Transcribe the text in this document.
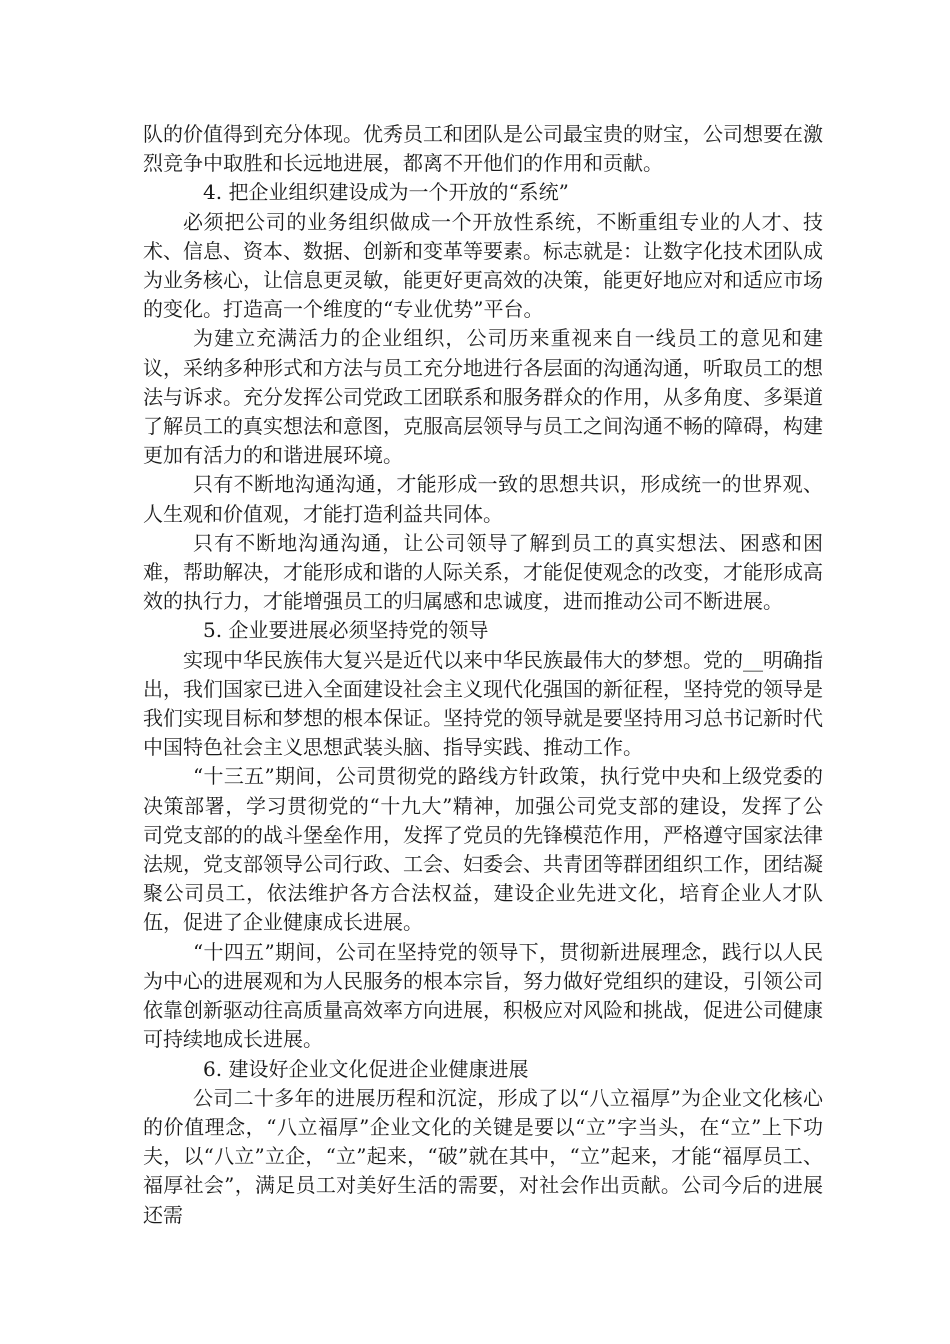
队的价值得到充分体现。优秀员工和团队是公司最宝贵的财宝，公司想要在激烈竞争中取胜和长远地进展，都离不开他们的作用和贡献。

4. 把企业组织建设成为一个开放的“系统”

必须把公司的业务组织做成一个开放性系统，不断重组专业的人才、技术、信息、资本、数据、创新和变革等要素。标志就是：让数字化技术团队成为业务核心，让信息更灵敏，能更好更高效的决策，能更好地应对和适应市场的变化。打造高一个维度的“专业优势”平台。

为建立充满活力的企业组织，公司历来重视来自一线员工的意见和建议，采纳多种形式和方法与员工充分地进行各层面的沟通沟通，听取员工的想法与诉求。充分发挥公司党政工团联系和服务群众的作用，从多角度、多渠道了解员工的真实想法和意图，克服高层领导与员工之间沟通不畅的障碍，构建更加有活力的和谐进展环境。

只有不断地沟通沟通，才能形成一致的思想共识，形成统一的世界观、人生观和价值观，才能打造利益共同体。

只有不断地沟通沟通，让公司领导了解到员工的真实想法、困惑和困难，帮助解决，才能形成和谐的人际关系，才能促使观念的改变，才能形成高效的执行力，才能增强员工的归属感和忠诚度，进而推动公司不断进展。

5. 企业要进展必须坚持党的领导

实现中华民族伟大复兴是近代以来中华民族最伟大的梦想。党的__明确指出，我们国家已进入全面建设社会主义现代化强国的新征程，坚持党的领导是我们实现目标和梦想的根本保证。坚持党的领导就是要坚持用习总书记新时代中国特色社会主义思想武装头脑、指导实践、推动工作。

“十三五”期间，公司贯彻党的路线方针政策，执行党中央和上级党委的决策部署，学习贯彻党的“十九大”精神，加强公司党支部的建设，发挥了公司党支部的的战斗堡垒作用，发挥了党员的先锋模范作用，严格遵守国家法律法规，党支部领导公司行政、工会、妇委会、共青团等群团组织工作，团结凝聚公司员工，依法维护各方合法权益，建设企业先进文化，培育企业人才队伍，促进了企业健康成长进展。

“十四五”期间，公司在坚持党的领导下，贯彻新进展理念，践行以人民为中心的进展观和为人民服务的根本宗旨，努力做好党组织的建设，引领公司依靠创新驱动往高质量高效率方向进展，积极应对风险和挑战，促进公司健康可持续地成长进展。

6. 建设好企业文化促进企业健康进展

公司二十多年的进展历程和沉淀，形成了以“八立福厚”为企业文化核心的价值理念，“八立福厚”企业文化的关键是要以“立”字当头，在“立”上下功夫，以“八立”立企，“立”起来，“破”就在其中，“立”起来，才能“福厚员工、福厚社会”，满足员工对美好生活的需要，对社会作出贡献。公司今后的进展还需
